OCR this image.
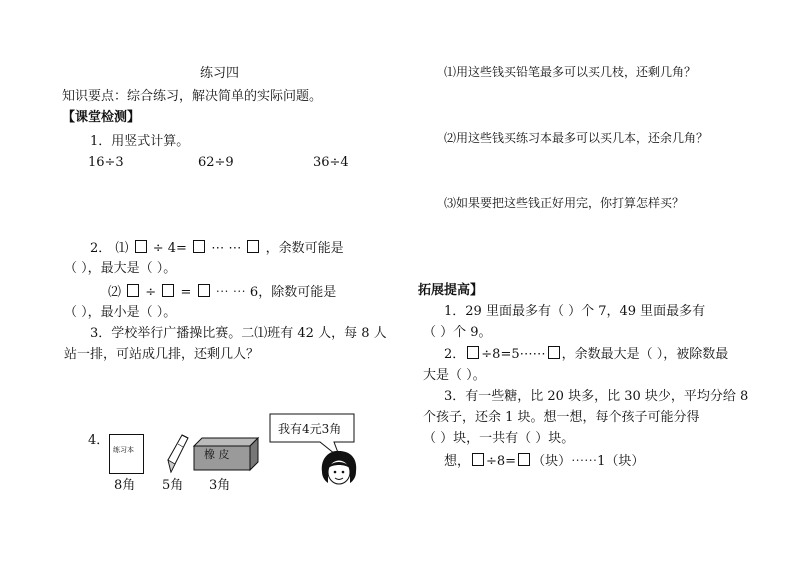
练习四
知识要点：综合练习，解决简单的实际问题。
【课堂检测】
1．用竖式计算。
16÷3	62÷9	36÷4
2． ⑴ ÷ 4=  ⋯ ⋯ ，余数可能是
（ ），最大是（ ）。
⑵ ÷ = ⋯ ⋯ 6，除数可能是
（ ），最小是（ ）。
3．学校举行广播操比赛。二⑴班有 42 人，每 8 人
站一排，可站成几排，还剩几人？
4．
练习本	橡 皮
我有4元3角
8角 5角 3角
⑴用这些钱买铅笔最多可以买几枝，还剩几角？
⑵用这些钱买练习本最多可以买几本，还余几角？
⑶如果要把这些钱正好用完，你打算怎样买？
拓展提高】
1．29 里面最多有（ ）个 7，49 里面最多有
（ ）个 9。
2． ÷8=5⋯⋯ ，余数最大是（ ），被除数最
大是（ ）。
3．有一些糖，比 20 块多，比 30 块少，平均分给 8
个孩子，还余 1 块。想一想，每个孩子可能分得
（ ）块，一共有（ ）块。
想， ÷8= （块）⋯⋯1（块）
